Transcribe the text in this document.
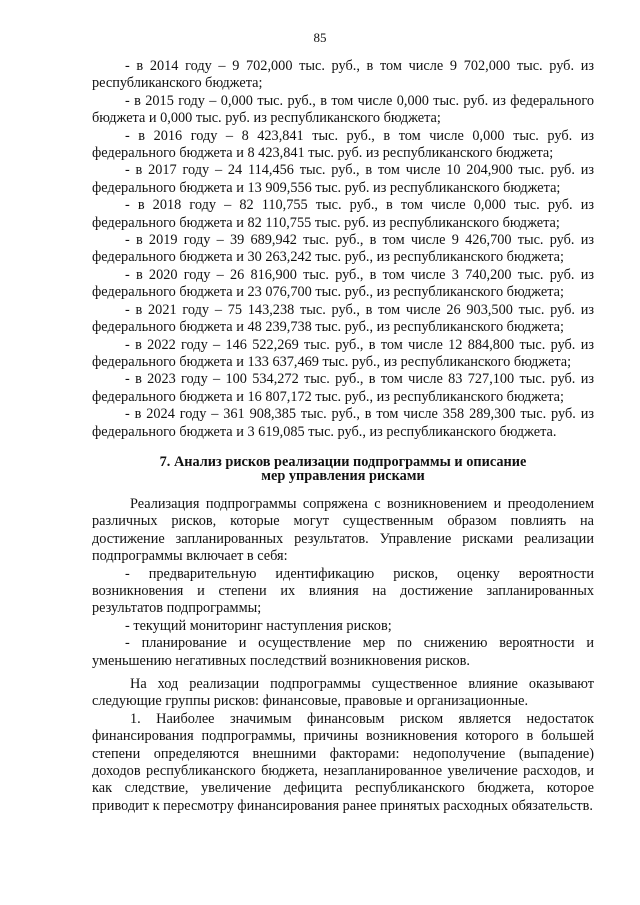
85

- в 2014 году – 9 702,000 тыс. руб., в том числе 9 702,000 тыс. руб. из республиканского бюджета;

- в 2015 году – 0,000 тыс. руб., в том числе 0,000 тыс. руб. из федерального бюджета и 0,000 тыс. руб. из республиканского бюджета;

- в 2016 году – 8 423,841 тыс. руб., в том числе 0,000 тыс. руб. из федерального бюджета и 8 423,841 тыс. руб. из республиканского бюджета;

- в 2017 году – 24 114,456 тыс. руб., в том числе 10 204,900 тыс. руб. из федерального бюджета и 13 909,556 тыс. руб. из республиканского бюджета;

- в 2018 году – 82 110,755 тыс. руб., в том числе 0,000 тыс. руб. из федерального бюджета и 82 110,755 тыс. руб. из республиканского бюджета;

- в 2019 году – 39 689,942 тыс. руб., в том числе 9 426,700 тыс. руб. из федерального бюджета и 30 263,242 тыс. руб., из республиканского бюджета;

- в 2020 году – 26 816,900 тыс. руб., в том числе 3 740,200 тыс. руб. из федерального бюджета и 23 076,700 тыс. руб., из республиканского бюджета;

- в 2021 году – 75 143,238 тыс. руб., в том числе 26 903,500 тыс. руб. из федерального бюджета и 48 239,738 тыс. руб., из республиканского бюджета;

- в 2022 году – 146 522,269 тыс. руб., в том числе 12 884,800 тыс. руб. из федерального бюджета и 133 637,469 тыс. руб., из республиканского бюджета;

- в 2023 году – 100 534,272 тыс. руб., в том числе 83 727,100 тыс. руб. из федерального бюджета и 16 807,172 тыс. руб., из республиканского бюджета;

- в 2024 году – 361 908,385 тыс. руб., в том числе 358 289,300 тыс. руб. из федерального бюджета и 3 619,085 тыс. руб., из республиканского бюджета.

7. Анализ рисков реализации подпрограммы и описание
мер управления рисками

Реализация подпрограммы сопряжена с возникновением и преодолением различных рисков, которые могут существенным образом повлиять на достижение запланированных результатов. Управление рисками реализации подпрограммы включает в себя:

- предварительную идентификацию рисков, оценку вероятности возникновения и степени их влияния на достижение запланированных результатов подпрограммы;

- текущий мониторинг наступления рисков;

- планирование и осуществление мер по снижению вероятности и уменьшению негативных последствий возникновения рисков.

На ход реализации подпрограммы существенное влияние оказывают следующие группы рисков: финансовые, правовые и организационные.

1. Наиболее значимым финансовым риском является недостаток финансирования подпрограммы, причины возникновения которого в большей степени определяются внешними факторами: недополучение (выпадение) доходов республиканского бюджета, незапланированное увеличение расходов, и как следствие, увеличение дефицита республиканского бюджета, которое приводит к пересмотру финансирования ранее принятых расходных обязательств.
